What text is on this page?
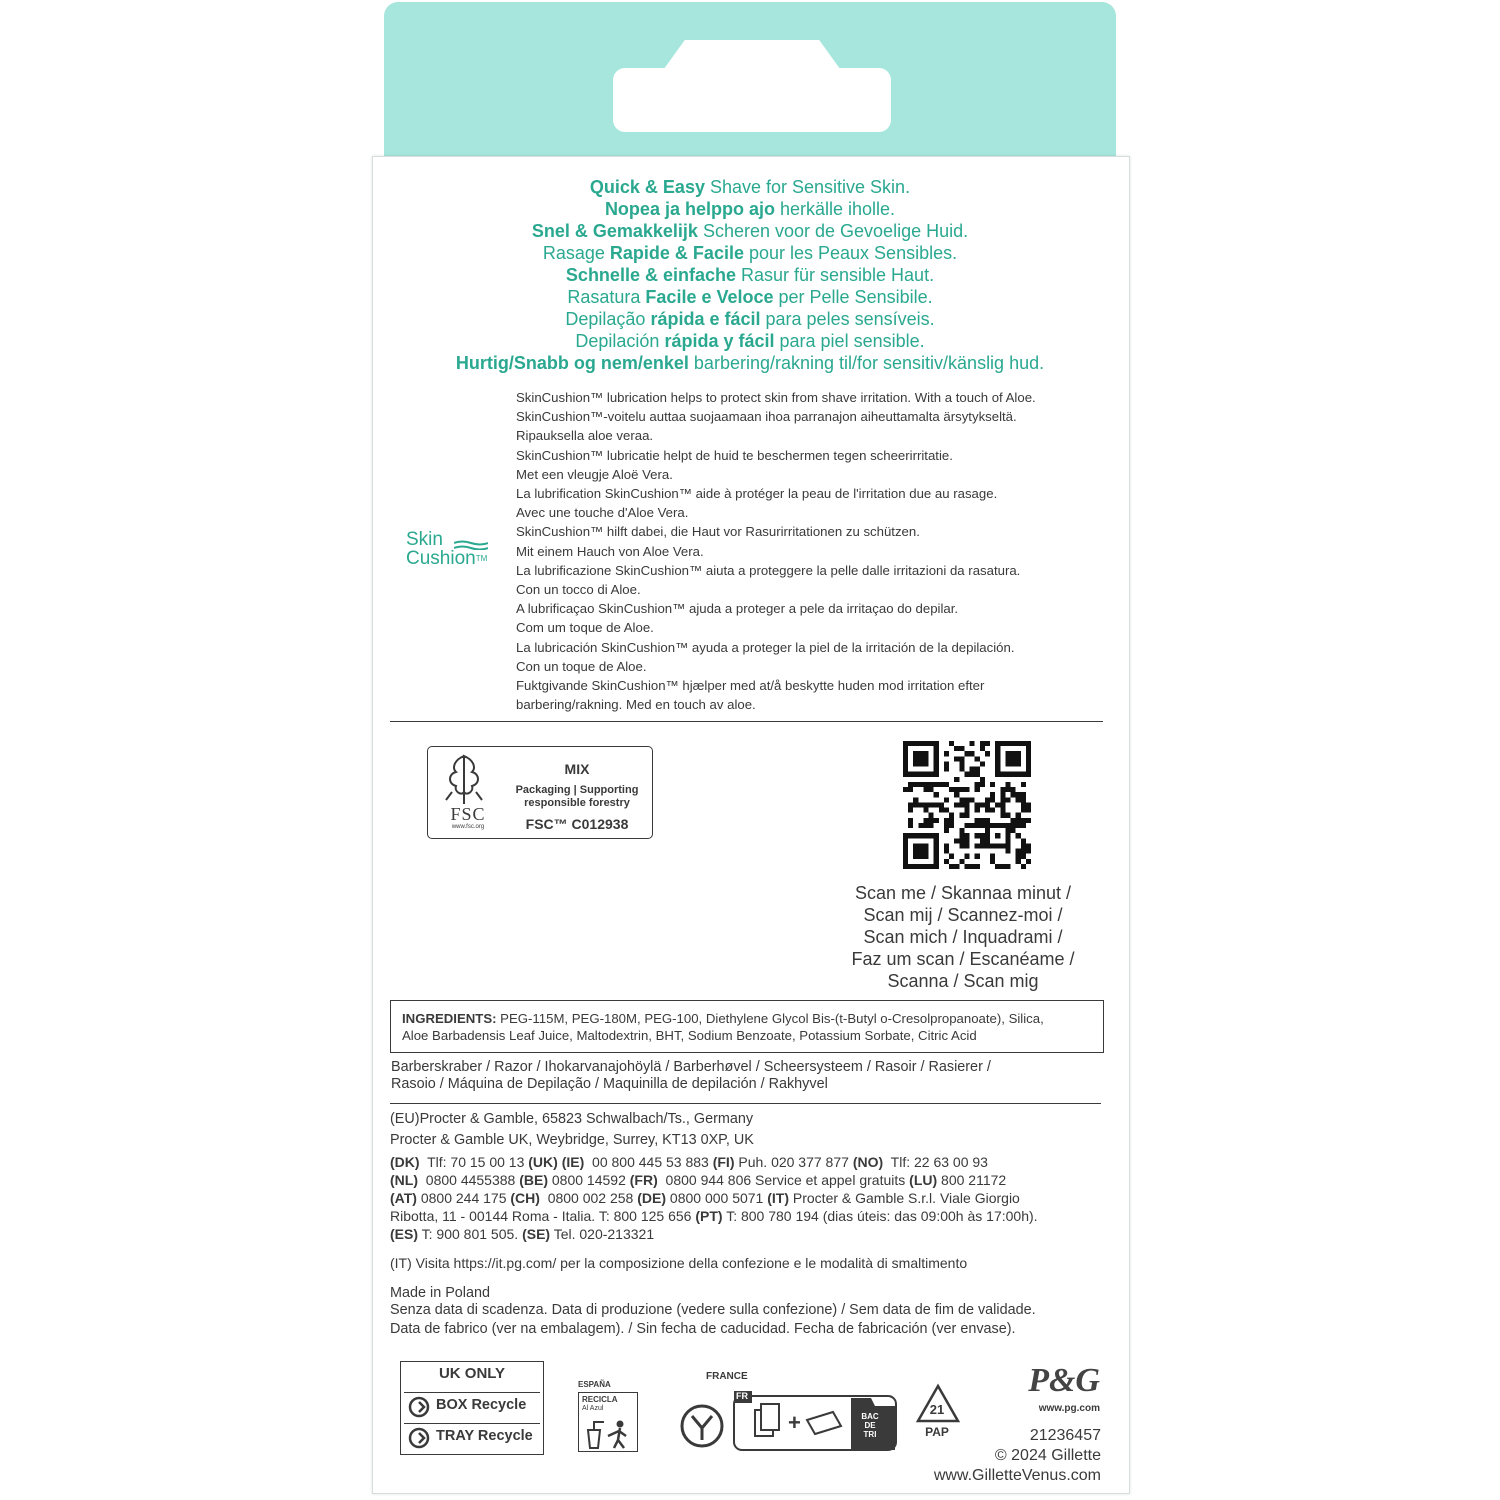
Quick & Easy Shave for Sensitive Skin.
Nopea ja helppo ajo herkälle iholle.
Snel & Gemakkelijk Scheren voor de Gevoelige Huid.
Rasage Rapide & Facile pour les Peaux Sensibles.
Schnelle & einfache Rasur für sensible Haut.
Rasatura Facile e Veloce per Pelle Sensibile.
Depilação rápida e fácil para peles sensíveis.
Depilación rápida y fácil para piel sensible.
Hurtig/Snabb og nem/enkel barbering/rakning til/for sensitiv/känslig hud.
Skin
Cushion™
SkinCushion™ lubrication helps to protect skin from shave irritation. With a touch of Aloe.
SkinCushion™-voitelu auttaa suojaamaan ihoa parranajon aiheuttamalta ärsytykseltä.
Ripauksella aloe veraa.
SkinCushion™ lubricatie helpt de huid te beschermen tegen scheerirritatie.
Met een vleugje Aloë Vera.
La lubrification SkinCushion™ aide à protéger la peau de l'irritation due au rasage.
Avec une touche d'Aloe Vera.
SkinCushion™ hilft dabei, die Haut vor Rasurirritationen zu schützen.
Mit einem Hauch von Aloe Vera.
La lubrificazione SkinCushion™ aiuta a proteggere la pelle dalle irritazioni da rasatura.
Con un tocco di Aloe.
A lubrificaçao SkinCushion™ ajuda a proteger a pele da irritaçao do depilar.
Com um toque de Aloe.
La lubricación SkinCushion™ ayuda a proteger la piel de la irritación de la depilación.
Con un toque de Aloe.
Fuktgivande SkinCushion™ hjælper med at/å beskytte huden mod irritation efter
barbering/rakning. Med en touch av aloe.
FSC
www.fsc.org
MIX
Packaging | Supporting
responsible forestry
FSC™ C012938
Scan me / Skannaa minut /
Scan mij / Scannez-moi /
Scan mich / Inquadrami /
Faz um scan / Escanéame /
Scanna / Scan mig
INGREDIENTS: PEG-115M, PEG-180M, PEG-100, Diethylene Glycol Bis-(t-Butyl o-Cresolpropanoate), Silica,
Aloe Barbadensis Leaf Juice, Maltodextrin, BHT, Sodium Benzoate, Potassium Sorbate, Citric Acid
Barberskraber / Razor / Ihokarvanajohöylä / Barberhøvel / Scheersysteem / Rasoir / Rasierer /
Rasoio / Máquina de Depilação / Maquinilla de depilación / Rakhyvel
(EU)Procter & Gamble, 65823 Schwalbach/Ts., Germany
Procter & Gamble UK, Weybridge, Surrey, KT13 0XP, UK
(DK)  Tlf: 70 15 00 13 (UK) (IE)  00 800 445 53 883 (FI) Puh. 020 377 877 (NO)  Tlf: 22 63 00 93
(NL)  0800 4455388 (BE) 0800 14592 (FR)  0800 944 806 Service et appel gratuits (LU) 800 21172
(AT) 0800 244 175 (CH)  0800 002 258 (DE) 0800 000 5071 (IT) Procter & Gamble S.r.l. Viale Giorgio
Ribotta, 11 - 00144 Roma - Italia. T: 800 125 656 (PT) T: 800 780 194 (dias úteis: das 09:00h às 17:00h).
(ES) T: 900 801 505. (SE) Tel. 020-213321
(IT) Visita https://it.pg.com/ per la composizione della confezione e le modalità di smaltimento
Made in Poland
Senza data di scadenza. Data di produzione (vedere sulla confezione) / Sem data de fim de validade.
Data de fabrico (ver na embalagem). / Sin fecha de caducidad. Fecha de fabricación (ver envase).
UK ONLY
BOX Recycle
TRAY Recycle
ESPAÑA
RECICLA
Al Azul
FRANCE
+
FR
BAC DE TRI
21
PAP
P&G
www.pg.com
21236457
© 2024 Gillette
www.GilletteVenus.com
